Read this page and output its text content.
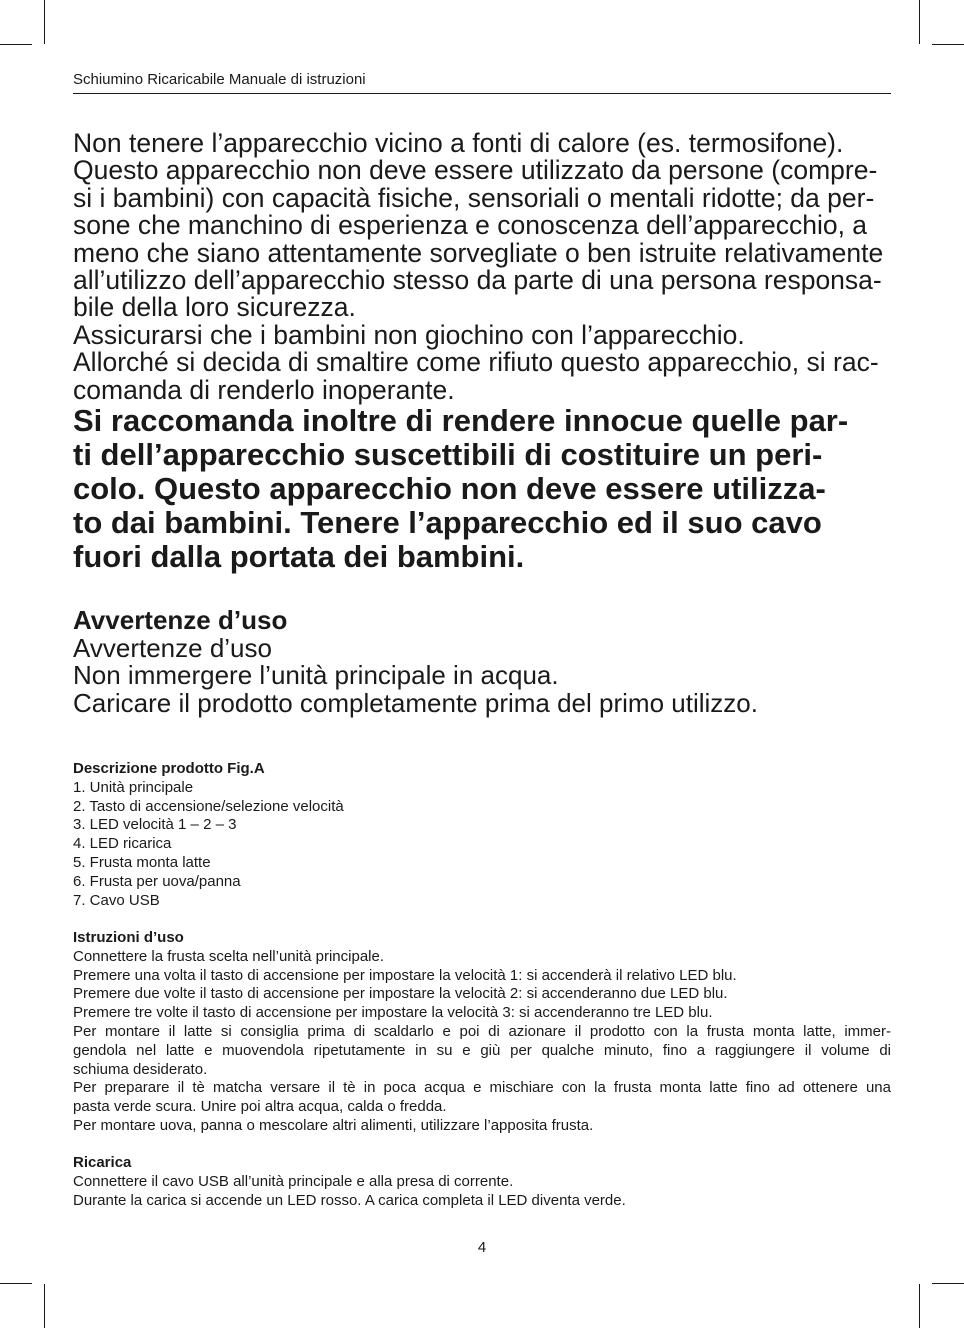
Schiumino Ricaricabile Manuale di istruzioni

Non tenere l’apparecchio vicino a fonti di calore (es. termosifone).

Questo apparecchio non deve essere utilizzato da persone (compre-

si i bambini) con capacità fisiche, sensoriali o mentali ridotte; da per-

sone che manchino di esperienza e conoscenza dell’apparecchio, a

meno che siano attentamente sorvegliate o ben istruite relativamente

all’utilizzo dell’apparecchio stesso da parte di una persona responsa-

bile della loro sicurezza.

Assicurarsi che i bambini non giochino con l’apparecchio.

Allorché si decida di smaltire come rifiuto questo apparecchio, si rac-

comanda di renderlo inoperante.

Si raccomanda inoltre di rendere innocue quelle par-

ti dell’apparecchio suscettibili di costituire un peri-

colo. Questo apparecchio non deve essere utilizza-

to dai bambini. Tenere l’apparecchio ed il suo cavo

fuori dalla portata dei bambini.

Avvertenze d’uso

Avvertenze d’uso

Non immergere l’unità principale in acqua.

Caricare il prodotto completamente prima del primo utilizzo.

Descrizione prodotto Fig.A

1. Unità principale

2. Tasto di accensione/selezione velocità

3. LED velocità 1 – 2 – 3

4. LED ricarica

5. Frusta monta latte

6. Frusta per uova/panna

7. Cavo USB

Istruzioni d’uso

Connettere la frusta scelta nell’unità principale.

Premere una volta il tasto di accensione per impostare la velocità 1: si accenderà il relativo LED blu.

Premere due volte il tasto di accensione per impostare la velocità 2: si accenderanno due LED blu.

Premere tre volte il tasto di accensione per impostare la velocità 3: si accenderanno tre LED blu.

Per montare il latte si consiglia prima di scaldarlo e poi di azionare il prodotto con la frusta monta latte, immer-

gendola nel latte e muovendola ripetutamente in su e giù per qualche minuto, fino a raggiungere il volume di

schiuma desiderato.

Per preparare il tè matcha versare il tè in poca acqua e mischiare con la frusta monta latte fino ad ottenere una

pasta verde scura. Unire poi altra acqua, calda o fredda.

Per montare uova, panna o mescolare altri alimenti, utilizzare l’apposita frusta.

Ricarica

Connettere il cavo USB all’unità principale e alla presa di corrente.

Durante la carica si accende un LED rosso. A carica completa il LED diventa verde.

4
